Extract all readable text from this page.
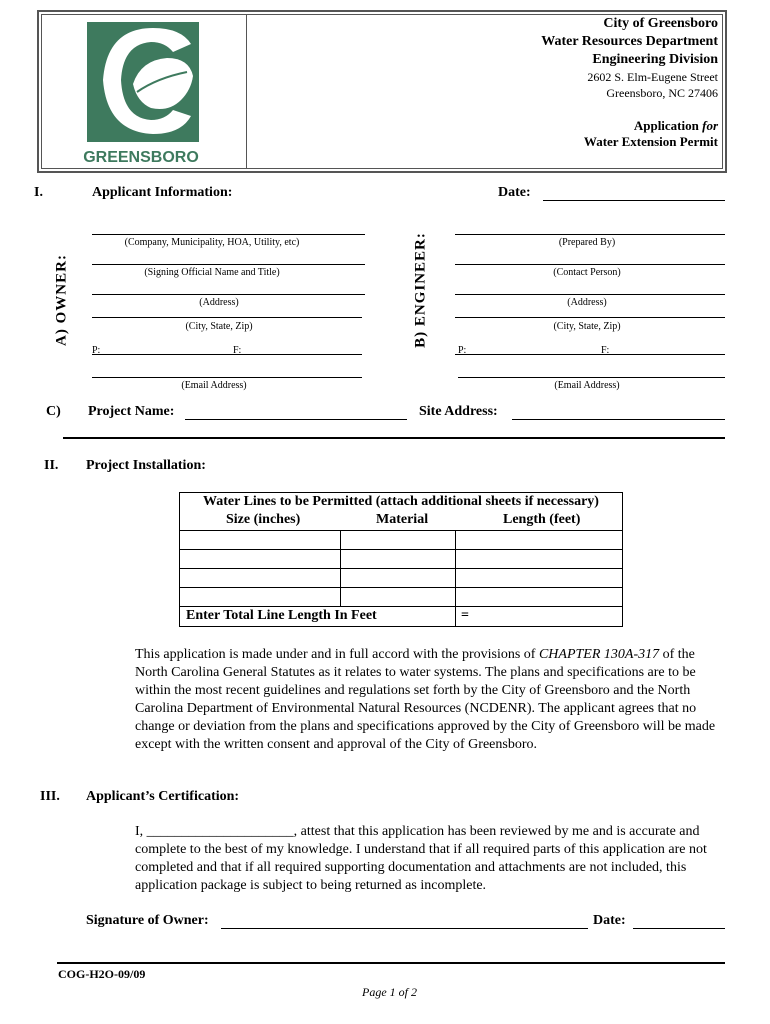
GREENSBORO
City of Greensboro
Water Resources Department
Engineering Division
2602 S. Elm-Eugene Street
Greensboro, NC 27406
Application for
Water Extension Permit
I.	Applicant Information:	Date:
A) OWNER:	B) ENGINEER:
(Company, Municipality, HOA, Utility, etc)
(Signing Official Name and Title)
(Address)
(City, State, Zip)
P:	F:
(Email Address)
(Prepared By)
(Contact Person)
(Address)
(City, State, Zip)
P:	F:
(Email Address)
C) Project Name:	Site Address:
II. Project Installation:
Water Lines to be Permitted (attach additional sheets if necessary)		

Size (inches) Material Length (feet)		

Enter Total Line Length In Feet		=
This application is made under and in full accord with the provisions of CHAPTER 130A-317 of the North Carolina General Statutes as it relates to water systems. The plans and specifications are to be within the most recent guidelines and regulations set forth by the City of Greensboro and the North Carolina Department of Environmental Natural Resources (NCDENR). The applicant agrees that no change or deviation from the plans and specifications approved by the City of Greensboro will be made except with the written consent and approval of the City of Greensboro.
III. Applicant’s Certification:
I, _____________________, attest that this application has been reviewed by me and is accurate and complete to the best of my knowledge. I understand that if all required parts of this application are not completed and that if all required supporting documentation and attachments are not included, this application package is subject to being returned as incomplete.
Signature of Owner:	Date:
COG-H2O-09/09
Page 1 of 2
